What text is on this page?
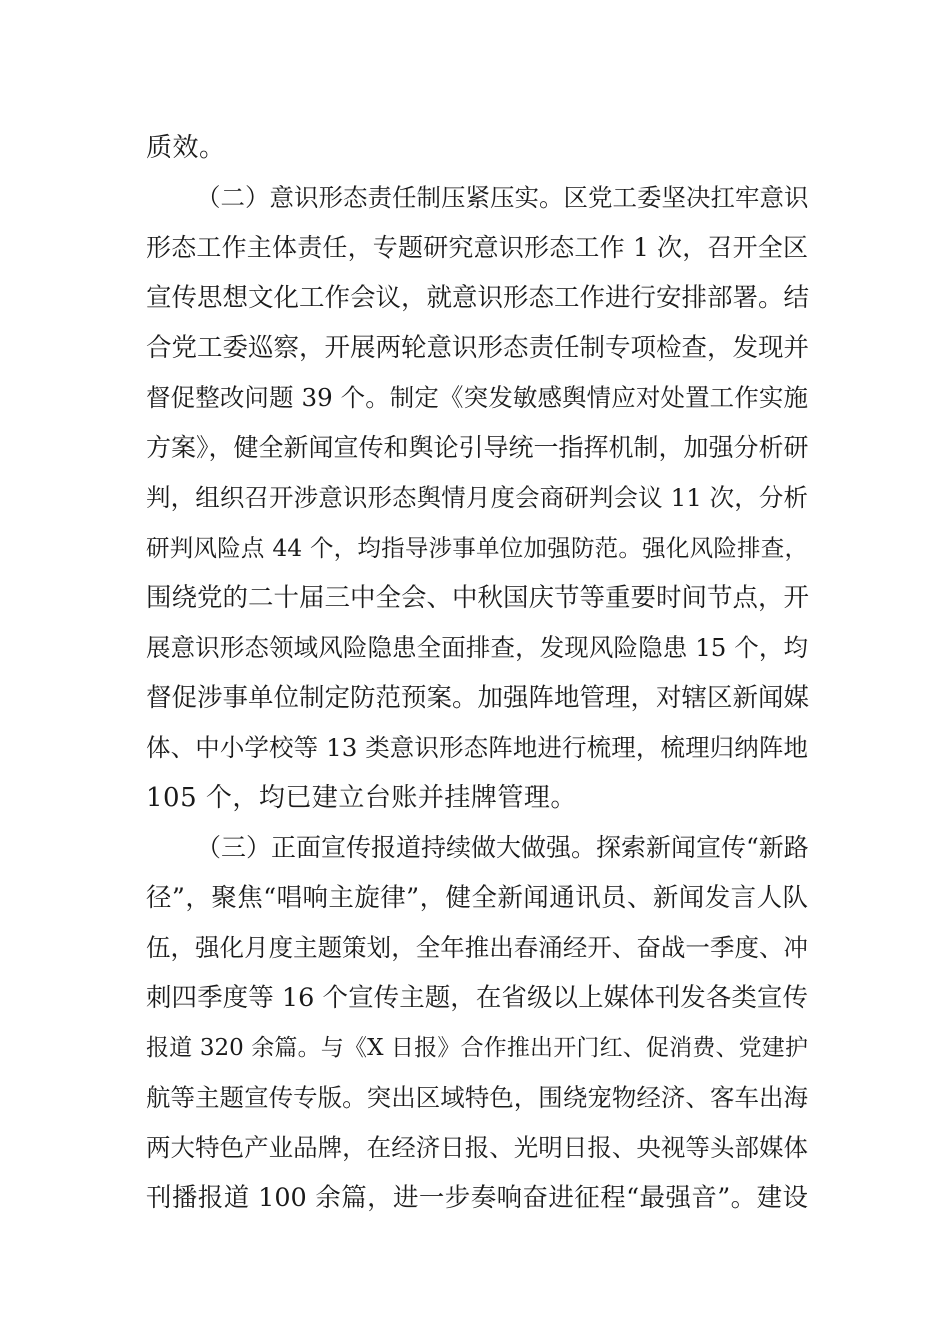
质效。
（二）意识形态责任制压紧压实。区党工委坚决扛牢意识
形态工作主体责任，专题研究意识形态工作 1 次，召开全区
宣传思想文化工作会议，就意识形态工作进行安排部署。结
合党工委巡察，开展两轮意识形态责任制专项检查，发现并
督促整改问题 39 个。制定《突发敏感舆情应对处置工作实施
方案》，健全新闻宣传和舆论引导统一指挥机制，加强分析研
判，组织召开涉意识形态舆情月度会商研判会议 11 次，分析
研判风险点 44 个，均指导涉事单位加强防范。强化风险排查，
围绕党的二十届三中全会、中秋国庆节等重要时间节点，开
展意识形态领域风险隐患全面排查，发现风险隐患 15 个，均
督促涉事单位制定防范预案。加强阵地管理，对辖区新闻媒
体、中小学校等 13 类意识形态阵地进行梳理，梳理归纳阵地
105 个，均已建立台账并挂牌管理。
（三）正面宣传报道持续做大做强。探索新闻宣传“新路
径”，聚焦“唱响主旋律”，健全新闻通讯员、新闻发言人队
伍，强化月度主题策划，全年推出春涌经开、奋战一季度、冲
刺四季度等 16 个宣传主题，在省级以上媒体刊发各类宣传
报道 320 余篇。与《X 日报》合作推出开门红、促消费、党建护
航等主题宣传专版。突出区域特色，围绕宠物经济、客车出海
两大特色产业品牌，在经济日报、光明日报、央视等头部媒体
刊播报道 100 余篇，进一步奏响奋进征程“最强音”。建设
